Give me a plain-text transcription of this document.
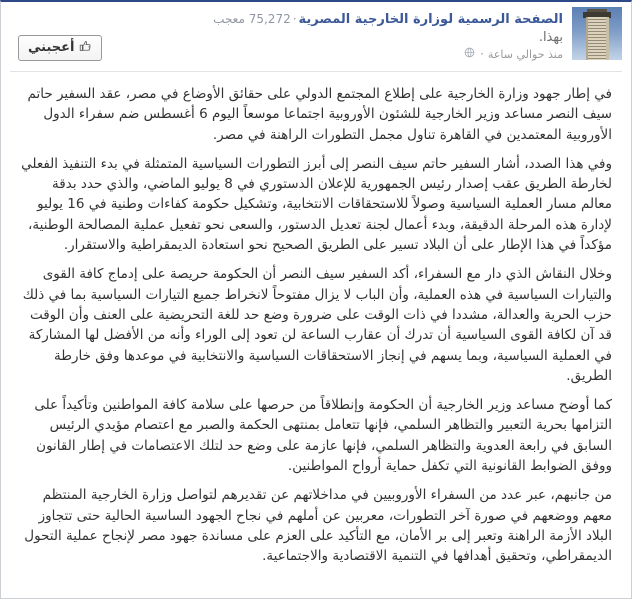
الصفحة الرسمية لوزارة الخارجية المصرية·75,272 معجب
بهذا.
منذ حوالي ساعة
·
أعجبني

في إطار جهود وزارة الخارجية على إطلاع المجتمع الدولي على حقائق الأوضاع في مصر، عقد السفير حاتم سيف النصر مساعد وزير الخارجية للشئون الأوروبية اجتماعا موسعاً اليوم 6 أغسطس ضم سفراء الدول الأوروبية المعتمدين في القاهرة تناول مجمل التطورات الراهنة في مصر.

وفي هذا الصدد، أشار السفير حاتم سيف النصر إلى أبرز التطورات السياسية المتمثلة في بدء التنفيذ الفعلي لخارطة الطريق عقب إصدار رئيس الجمهورية للإعلان الدستوري في 8 يوليو الماضي، والذي حدد بدقة معالم مسار العملية السياسية وصولاً للاستحقاقات الانتخابية، وتشكيل حكومة كفاءات وطنية في 16 يوليو لإدارة هذه المرحلة الدقيقة، وبدء أعمال لجنة تعديل الدستور، والسعى نحو تفعيل عملية المصالحة الوطنية، مؤكداً في هذا الإطار على أن البلاد تسير على الطريق الصحيح نحو استعادة الديمقراطية والاستقرار.

وخلال النقاش الذي دار مع السفراء، أكد السفير سيف النصر أن الحكومة حريصة على إدماج كافة القوى والتيارات السياسية في هذه العملية، وأن الباب لا يزال مفتوحاً لانخراط جميع التيارات السياسية بما في ذلك حزب الحرية والعدالة، مشددا في ذات الوقت على ضرورة وضع حد للغة التحريضية على العنف وأن الوقت قد آن لكافة القوى السياسية أن تدرك أن عقارب الساعة لن تعود إلى الوراء وأنه من الأفضل لها المشاركة في العملية السياسية، وبما يسهم في إنجاز الاستحقاقات السياسية والانتخابية في موعدها وفق خارطة الطريق.

كما أوضح مساعد وزير الخارجية أن الحكومة وإنطلاقاً من حرصها على سلامة كافة المواطنين وتأكيداً على التزامها بحرية التعبير والتظاهر السلمي، فإنها تتعامل بمنتهى الحكمة والصبر مع اعتصام مؤيدي الرئيس السابق في رابعة العدوية والتظاهر السلمي، فإنها عازمة على وضع حد لتلك الاعتصامات في إطار القانون ووفق الضوابط القانونية التي تكفل حماية أرواح المواطنين.

من جانبهم، عبر عدد من السفراء الأوروبيين في مداخلاتهم عن تقديرهم لتواصل وزارة الخارجية المنتظم معهم ووضعهم في صورة آخر التطورات، معربين عن أملهم في نجاح الجهود الساسية الحالية حتى تتجاوز البلاد الأزمة الراهنة وتعبر إلى بر الأمان، مع التأكيد على العزم على مساندة جهود مصر لإنجاح عملية التحول الديمقراطي، وتحقيق أهدافها في التنمية الاقتصادية والاجتماعية.
